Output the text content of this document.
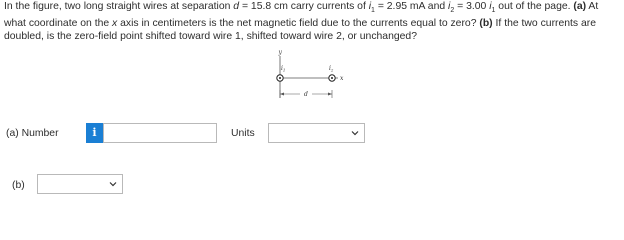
In the figure, two long straight wires at separation d = 15.8 cm carry currents of $i_1 = 2.95$ mA and $i_2 = 3.00$ $i_1$ out of the page. (a) At what coordinate on the x axis in centimeters is the net magnetic field due to the currents equal to zero? (b) If the two currents are doubled, is the zero-field point shifted toward wire 1, shifted toward wire 2, or unchanged?
y
x
$i_1$	$i_2$
d
(a) Number	i	Units
(b)
